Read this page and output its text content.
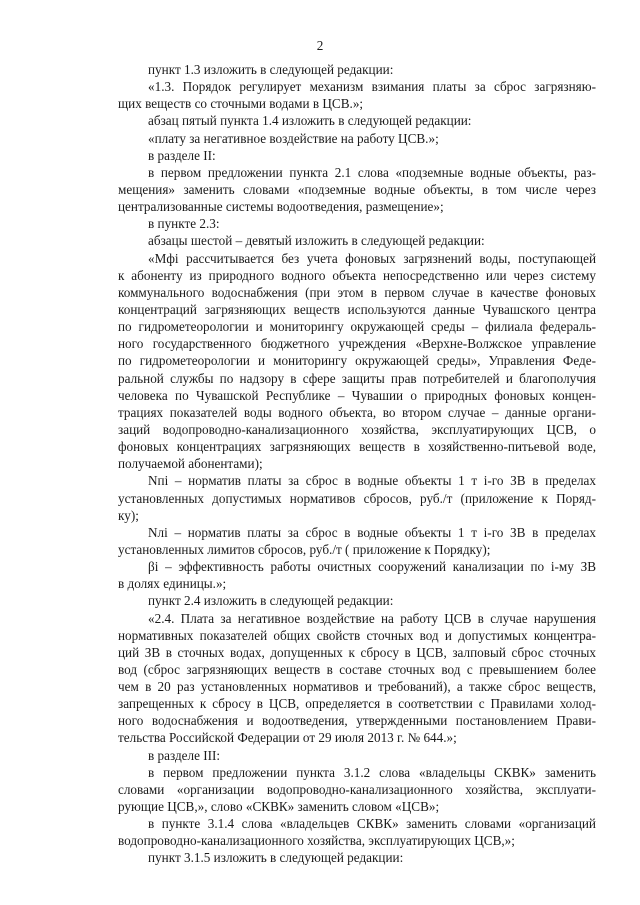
2
пункт 1.3 изложить в следующей редакции:
«1.3. Порядок регулирует механизм взимания платы за сброс загрязняю-
щих веществ со сточными водами в ЦСВ.»;
абзац пятый пункта 1.4 изложить в следующей редакции:
«плату за негативное воздействие на работу ЦСВ.»;
в разделе II:
в первом предложении пункта 2.1 слова «подземные водные объекты, раз-
мещения» заменить словами «подземные водные объекты, в том числе через
централизованные системы водоотведения, размещение»;
в пункте 2.3:
абзацы шестой – девятый изложить в следующей редакции:
«Мфі рассчитывается без учета фоновых загрязнений воды, поступающей
к абоненту из природного водного объекта непосредственно или через систему
коммунального водоснабжения (при этом в первом случае в качестве фоновых
концентраций загрязняющих веществ используются данные Чувашского центра
по гидрометеорологии и мониторингу окружающей среды – филиала федераль-
ного государственного бюджетного учреждения «Верхне-Волжское управление
по гидрометеорологии и мониторингу окружающей среды», Управления Феде-
ральной службы по надзору в сфере защиты прав потребителей и благополучия
человека по Чувашской Республике – Чувашии о природных фоновых концен-
трациях показателей воды водного объекта, во втором случае – данные органи-
заций водопроводно-канализационного хозяйства, эксплуатирующих ЦСВ, о
фоновых концентрациях загрязняющих веществ в хозяйственно-питьевой воде,
получаемой абонентами);
Nпі – норматив платы за сброс в водные объекты 1 т і-го ЗВ в пределах
установленных допустимых нормативов сбросов, руб./т (приложение к Поряд-
ку);
Nлі – норматив платы за сброс в водные объекты 1 т і-го ЗВ в пределах
установленных лимитов сбросов, руб./т ( приложение к Порядку);
βі – эффективность работы очистных сооружений канализации по і-му ЗВ
в долях единицы.»;
пункт 2.4 изложить в следующей редакции:
«2.4. Плата за негативное воздействие на работу ЦСВ в случае нарушения
нормативных показателей общих свойств сточных вод и допустимых концентра-
ций ЗВ в сточных водах, допущенных к сбросу в ЦСВ, залповый сброс сточных
вод (сброс загрязняющих веществ в составе сточных вод с превышением более
чем в 20 раз установленных нормативов и требований), а также сброс веществ,
запрещенных к сбросу в ЦСВ, определяется в соответствии с Правилами холод-
ного водоснабжения и водоотведения, утвержденными постановлением Прави-
тельства Российской Федерации от 29 июля 2013 г. № 644.»;
в разделе III:
в первом предложении пункта 3.1.2 слова «владельцы СКВК» заменить
словами «организации водопроводно-канализационного хозяйства, эксплуати-
рующие ЦСВ,», слово «СКВК» заменить словом «ЦСВ»;
в пункте 3.1.4 слова «владельцев СКВК» заменить словами «организаций
водопроводно-канализационного хозяйства, эксплуатирующих ЦСВ,»;
пункт 3.1.5 изложить в следующей редакции:
